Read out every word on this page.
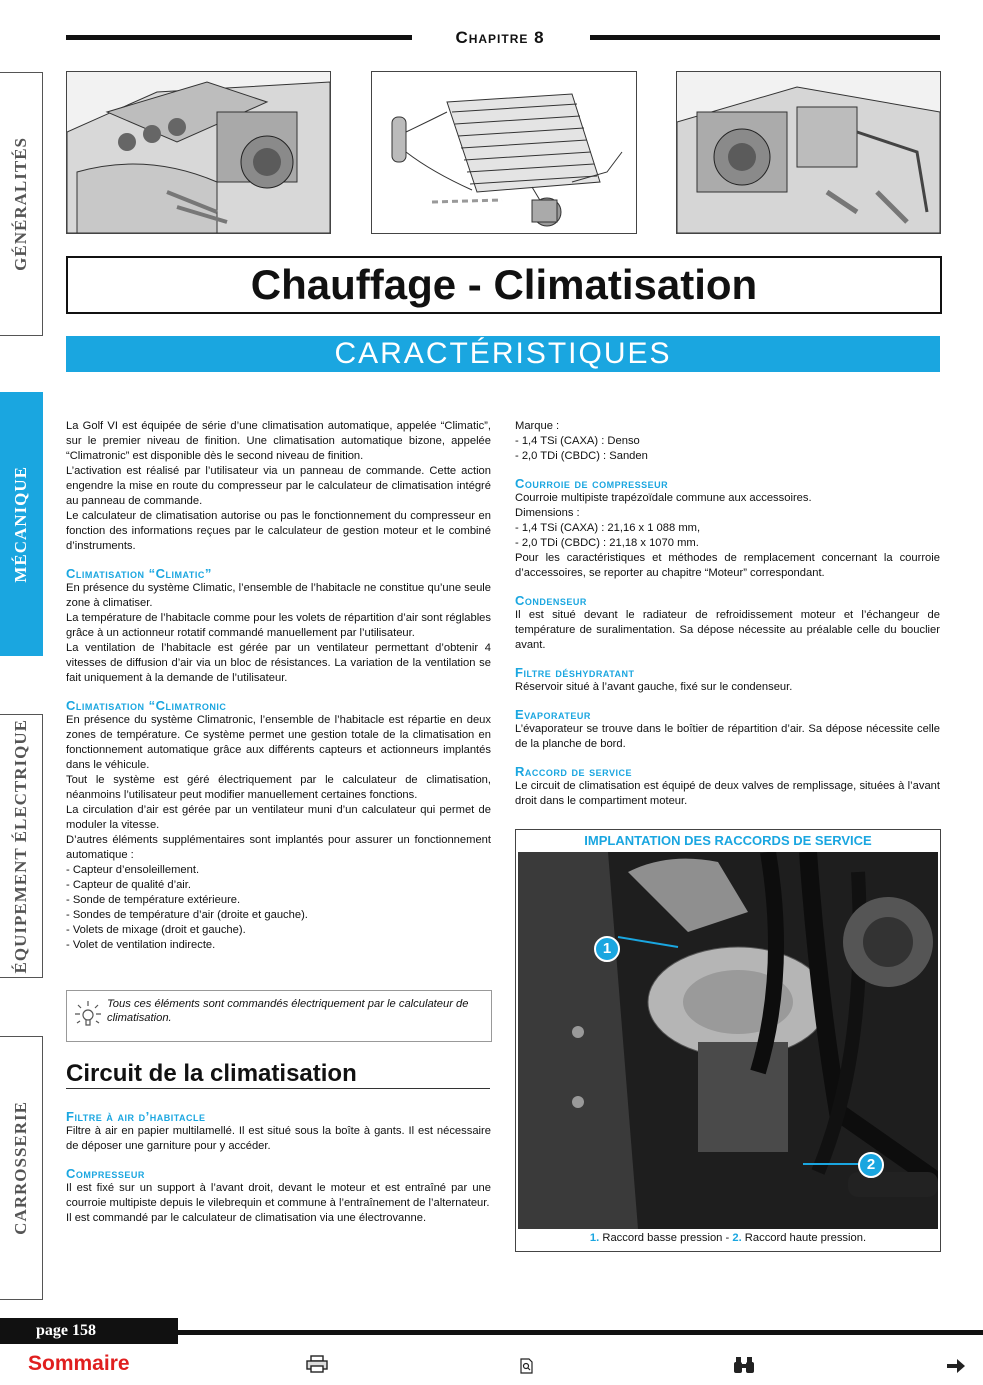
Chapitre 8
GÉNÉRALITÉS
MÉCANIQUE
ÉQUIPEMENT ÉLECTRIQUE
CARROSSERIE
Chauffage - Climatisation
CARACTÉRISTIQUES

La Golf VI est équipée de série d’une climatisation automatique, appelée “Climatic”, sur le premier niveau de finition. Une climatisation automatique bizone, appelée “Climatronic” est disponible dès le second niveau de finition.

L’activation est réalisé par l’utilisateur via un panneau de commande. Cette action engendre la mise en route du compresseur par le calculateur de climatisation intégré au panneau de commande.

Le calculateur de climatisation autorise ou pas le fonctionnement du compresseur en fonction des informations reçues par le calculateur de gestion moteur et le combiné d’instruments.

Climatisation “Climatic”

En présence du système Climatic, l’ensemble de l’habitacle ne constitue qu’une seule zone à climatiser.

La température de l’habitacle comme pour les volets de répartition d’air sont réglables grâce à un actionneur rotatif commandé manuellement par l’utilisateur.

La ventilation de l’habitacle est gérée par un ventilateur permettant d’obtenir 4 vitesses de diffusion d’air via un bloc de résistances. La variation de la ventilation se fait uniquement à la demande de l’utilisateur.

Climatisation “Climatronic

En présence du système Climatronic, l’ensemble de l’habitacle est répartie en deux zones de température. Ce système permet une gestion totale de la climatisation en fonctionnement automatique grâce aux différents capteurs et actionneurs implantés dans le véhicule.

Tout le système est géré électriquement par le calculateur de climatisation, néanmoins l’utilisateur peut modifier manuellement certaines fonctions.

La circulation d’air est gérée par un ventilateur muni d’un calculateur qui permet de moduler la vitesse.

D’autres éléments supplémentaires sont implantés pour assurer un fonctionnement automatique :

- Capteur d’ensoleillement.

- Capteur de qualité d’air.

- Sonde de température extérieure.

- Sondes de température d’air (droite et gauche).

- Volets de mixage (droit et gauche).

- Volet de ventilation indirecte.

Tous ces éléments sont commandés électriquement par le calculateur de climatisation.
Circuit de la climatisation
Filtre à air d’habitacle

Filtre à air en papier multilamellé. Il est situé sous la boîte à gants. Il est nécessaire de déposer une garniture pour y accéder.

Compresseur

Il est fixé sur un support à l’avant droit, devant le moteur et est entraîné par une courroie multipiste depuis le vilebrequin et commune à l’entraînement de l’alternateur.

Il est commandé par le calculateur de climatisation via une électrovanne.

Marque :

- 1,4 TSi (CAXA) : Denso

- 2,0 TDi (CBDC) : Sanden

Courroie de compresseur

Courroie multipiste trapézoïdale commune aux accessoires.

Dimensions :

- 1,4 TSi (CAXA) : 21,16 x 1 088 mm,

- 2,0 TDi (CBDC) : 21,18 x 1070 mm.

Pour les caractéristiques et méthodes de remplacement concernant la courroie d’accessoires, se reporter au chapitre “Moteur” correspondant.

Condenseur

Il est situé devant le radiateur de refroidissement moteur et l’échangeur de température de suralimentation. Sa dépose nécessite au préalable celle du bouclier avant.

Filtre déshydratant

Réservoir situé à l’avant gauche, fixé sur le condenseur.

Evaporateur

L’évaporateur se trouve dans le boîtier de répartition d’air. Sa dépose nécessite celle de la planche de bord.

Raccord de service

Le circuit de climatisation est équipé de deux valves de remplissage, situées à l’avant droit dans le compartiment moteur.

IMPLANTATION DES RACCORDS DE SERVICE
1
2
1. Raccord basse pression - 2. Raccord haute pression.
page 158
Sommaire
